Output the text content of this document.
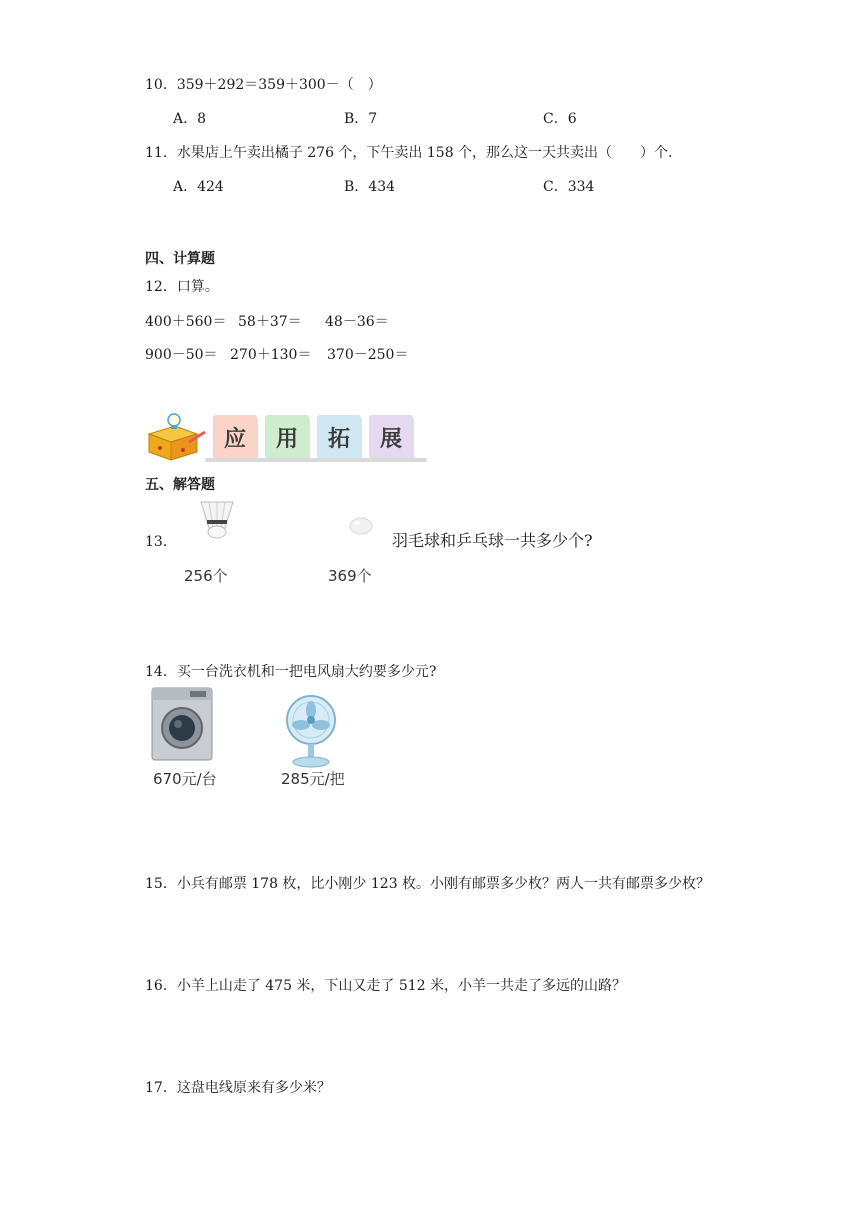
10．359＋292＝359＋300－（　）
A．8	B．7	C．6
11．水果店上午卖出橘子 276 个，下午卖出 158 个，那么这一天共卖出（　　）个.
A．424	B．434	C．334
四、计算题
12．口算。
400＋560＝ 58＋37＝ 48－36＝
900－50＝ 270＋130＝ 370－250＝
应	用	拓	展
五、解答题
13．
256个	369个
羽毛球和乒乓球一共多少个?
14．买一台洗衣机和一把电风扇大约要多少元?
670元/台	285元/把
15．小兵有邮票 178 枚，比小刚少 123 枚。小刚有邮票多少枚？两人一共有邮票多少枚？
16．小羊上山走了 475 米，下山又走了 512 米，小羊一共走了多远的山路？
17．这盘电线原来有多少米？
